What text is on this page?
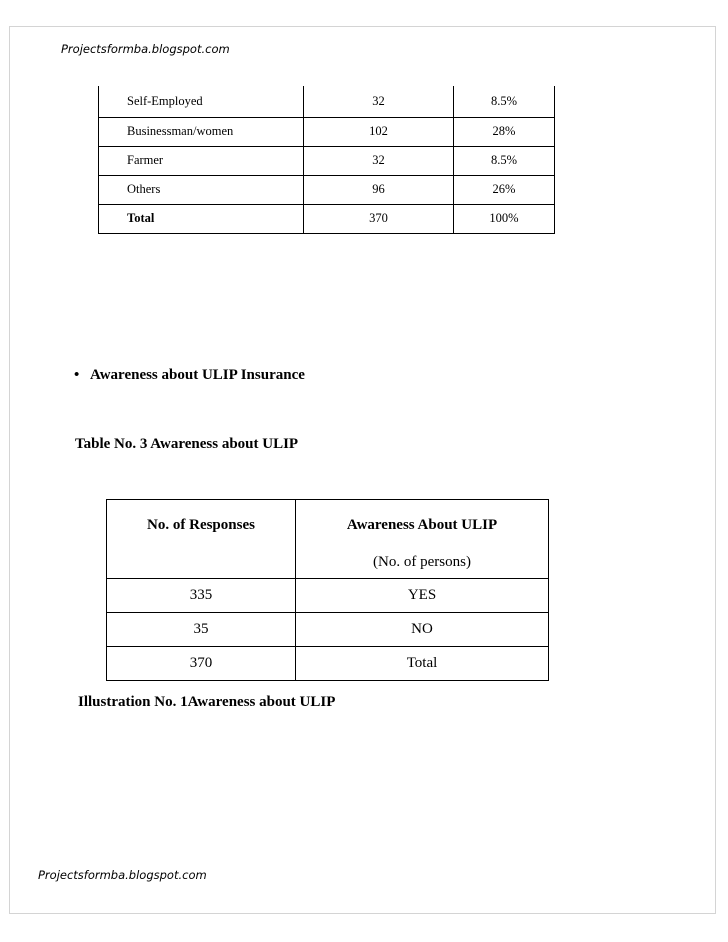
Projectsformba.blogspot.com
Self-Employed	32	8.5%
Businessman/women	102	28%
Farmer	32	8.5%
Others	96	26%
Total	370	100%
• Awareness about ULIP Insurance
Table No. 3 Awareness about ULIP
No. of Responses	Awareness About ULIP
(No. of persons)

335	YES
35	NO
370	Total
Illustration No. 1Awareness about ULIP
Projectsformba.blogspot.com
